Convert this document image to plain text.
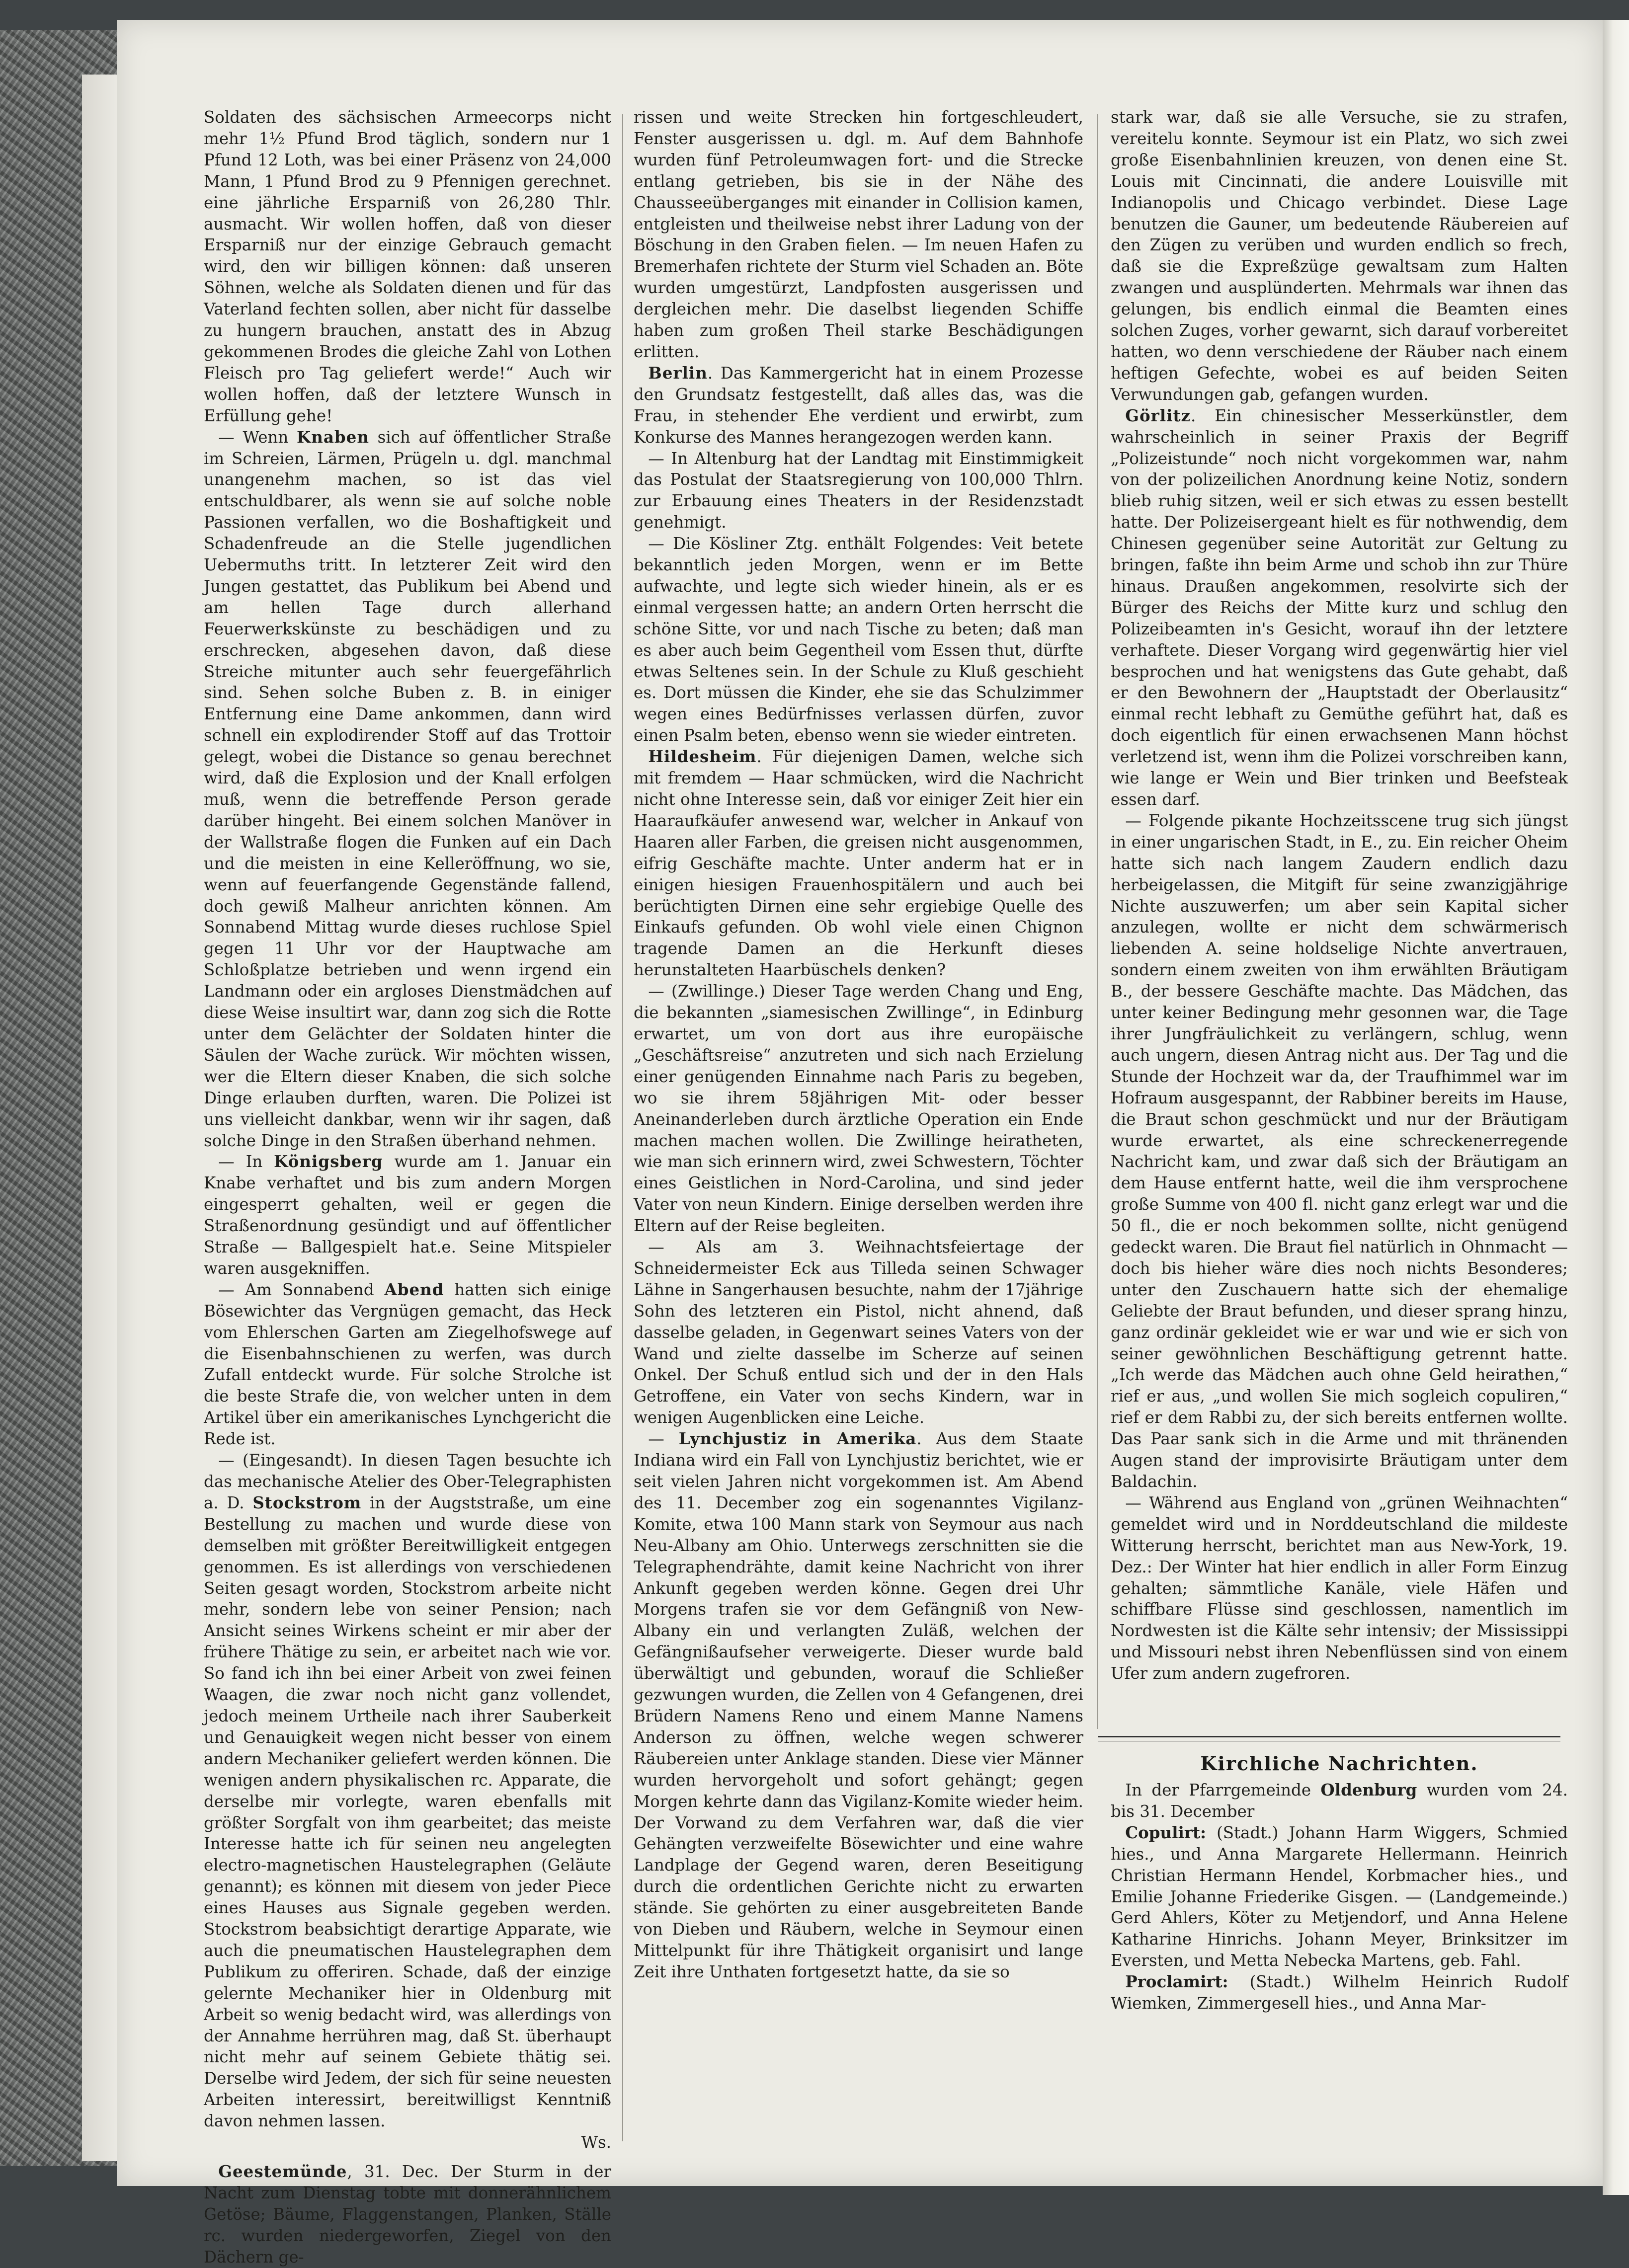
Soldaten des sächsischen Armeecorps nicht mehr 1½ Pfund Brod täglich, sondern nur 1 Pfund 12 Loth, was bei einer Präsenz von 24,000 Mann, 1 Pfund Brod zu 9 Pfennigen gerechnet. eine jährliche Ersparniß von 26,280 Thlr. ausmacht. Wir wollen hoffen, daß von dieser Ersparniß nur der einzige Gebrauch gemacht wird, den wir billigen können: daß unseren Söhnen, welche als Soldaten dienen und für das Vaterland fechten sollen, aber nicht für dasselbe zu hungern brauchen, anstatt des in Abzug gekommenen Brodes die gleiche Zahl von Lothen Fleisch pro Tag geliefert werde!“ Auch wir wollen hoffen, daß der letztere Wunsch in Erfüllung gehe!

— Wenn Knaben sich auf öffentlicher Straße im Schreien, Lärmen, Prügeln u. dgl. manchmal unangenehm machen, so ist das viel entschuldbarer, als wenn sie auf solche noble Passionen verfallen, wo die Boshaftigkeit und Schadenfreude an die Stelle jugendlichen Uebermuths tritt. In letzterer Zeit wird den Jungen gestattet, das Publikum bei Abend und am hellen Tage durch allerhand Feuerwerkskünste zu beschädigen und zu erschrecken, abgesehen davon, daß diese Streiche mitunter auch sehr feuergefährlich sind. Sehen solche Buben z. B. in einiger Entfernung eine Dame ankommen, dann wird schnell ein explodirender Stoff auf das Trottoir gelegt, wobei die Distance so genau berechnet wird, daß die Explosion und der Knall erfolgen muß, wenn die betreffende Person gerade darüber hingeht. Bei einem solchen Manöver in der Wallstraße flogen die Funken auf ein Dach und die meisten in eine Kelleröffnung, wo sie, wenn auf feuerfangende Gegenstände fallend, doch gewiß Malheur anrichten können. Am Sonnabend Mittag wurde dieses ruchlose Spiel gegen 11 Uhr vor der Hauptwache am Schloßplatze betrieben und wenn irgend ein Landmann oder ein argloses Dienstmädchen auf diese Weise insultirt war, dann zog sich die Rotte unter dem Gelächter der Soldaten hinter die Säulen der Wache zurück. Wir möchten wissen, wer die Eltern dieser Knaben, die sich solche Dinge erlauben durften, waren. Die Polizei ist uns vielleicht dankbar, wenn wir ihr sagen, daß solche Dinge in den Straßen überhand nehmen.

— In Königsberg wurde am 1. Januar ein Knabe verhaftet und bis zum andern Morgen eingesperrt gehalten, weil er gegen die Straßenordnung gesündigt und auf öffentlicher Straße — Ballgespielt hat.e. Seine Mitspieler waren ausgekniffen.

— Am Sonnabend Abend hatten sich einige Bösewichter das Vergnügen gemacht, das Heck vom Ehlerschen Garten am Ziegelhofswege auf die Eisenbahnschienen zu werfen, was durch Zufall entdeckt wurde. Für solche Strolche ist die beste Strafe die, von welcher unten in dem Artikel über ein amerikanisches Lynchgericht die Rede ist.

— (Eingesandt). In diesen Tagen besuchte ich das mechanische Atelier des Ober-Telegraphisten a. D. Stockstrom in der Augststraße, um eine Bestellung zu machen und wurde diese von demselben mit größter Bereitwilligkeit entgegen genommen. Es ist allerdings von verschiedenen Seiten gesagt worden, Stockstrom arbeite nicht mehr, sondern lebe von seiner Pension; nach Ansicht seines Wirkens scheint er mir aber der frühere Thätige zu sein, er arbeitet nach wie vor. So fand ich ihn bei einer Arbeit von zwei feinen Waagen, die zwar noch nicht ganz vollendet, jedoch meinem Urtheile nach ihrer Sauberkeit und Genauigkeit wegen nicht besser von einem andern Mechaniker geliefert werden können. Die wenigen andern physikalischen rc. Apparate, die derselbe mir vorlegte, waren ebenfalls mit größter Sorgfalt von ihm gearbeitet; das meiste Interesse hatte ich für seinen neu angelegten electro-magnetischen Haustelegraphen (Geläute genannt); es können mit diesem von jeder Piece eines Hauses aus Signale gegeben werden. Stockstrom beabsichtigt derartige Apparate, wie auch die pneumatischen Haustelegraphen dem Publikum zu offeriren. Schade, daß der einzige gelernte Mechaniker hier in Oldenburg mit Arbeit so wenig bedacht wird, was allerdings von der Annahme herrühren mag, daß St. überhaupt nicht mehr auf seinem Gebiete thätig sei. Derselbe wird Jedem, der sich für seine neuesten Arbeiten interessirt, bereitwilligst Kenntniß davon nehmen lassen.

Ws.

Geestemünde, 31. Dec. Der Sturm in der Nacht zum Dienstag tobte mit donnerähnlichem Getöse; Bäume, Flaggenstangen, Planken, Ställe rc. wurden niedergeworfen, Ziegel von den Dächern ge-

rissen und weite Strecken hin fortgeschleudert, Fenster ausgerissen u. dgl. m. Auf dem Bahnhofe wurden fünf Petroleumwagen fort- und die Strecke entlang getrieben, bis sie in der Nähe des Chausseeüberganges mit einander in Collision kamen, entgleisten und theilweise nebst ihrer Ladung von der Böschung in den Graben fielen. — Im neuen Hafen zu Bremerhafen richtete der Sturm viel Schaden an. Böte wurden umgestürzt, Landpfosten ausgerissen und dergleichen mehr. Die daselbst liegenden Schiffe haben zum großen Theil starke Beschädigungen erlitten.

Berlin. Das Kammergericht hat in einem Prozesse den Grundsatz festgestellt, daß alles das, was die Frau, in stehender Ehe verdient und erwirbt, zum Konkurse des Mannes herangezogen werden kann.

— In Altenburg hat der Landtag mit Einstimmigkeit das Postulat der Staatsregierung von 100,000 Thlrn. zur Erbauung eines Theaters in der Residenzstadt genehmigt.

— Die Kösliner Ztg. enthält Folgendes: Veit betete bekanntlich jeden Morgen, wenn er im Bette aufwachte, und legte sich wieder hinein, als er es einmal vergessen hatte; an andern Orten herrscht die schöne Sitte, vor und nach Tische zu beten; daß man es aber auch beim Gegentheil vom Essen thut, dürfte etwas Seltenes sein. In der Schule zu Kluß geschieht es. Dort müssen die Kinder, ehe sie das Schulzimmer wegen eines Bedürfnisses verlassen dürfen, zuvor einen Psalm beten, ebenso wenn sie wieder eintreten.

Hildesheim. Für diejenigen Damen, welche sich mit fremdem — Haar schmücken, wird die Nachricht nicht ohne Interesse sein, daß vor einiger Zeit hier ein Haaraufkäufer anwesend war, welcher in Ankauf von Haaren aller Farben, die greisen nicht ausgenommen, eifrig Geschäfte machte. Unter anderm hat er in einigen hiesigen Frauenhospitälern und auch bei berüchtigten Dirnen eine sehr ergiebige Quelle des Einkaufs gefunden. Ob wohl viele einen Chignon tragende Damen an die Herkunft dieses herunstalteten Haarbüschels denken?

— (Zwillinge.) Dieser Tage werden Chang und Eng, die bekannten „siamesischen Zwillinge“, in Edinburg erwartet, um von dort aus ihre europäische „Geschäftsreise“ anzutreten und sich nach Erzielung einer genügenden Einnahme nach Paris zu begeben, wo sie ihrem 58jährigen Mit- oder besser Aneinanderleben durch ärztliche Operation ein Ende machen machen wollen. Die Zwillinge heiratheten, wie man sich erinnern wird, zwei Schwestern, Töchter eines Geistlichen in Nord-Carolina, und sind jeder Vater von neun Kindern. Einige derselben werden ihre Eltern auf der Reise begleiten.

— Als am 3. Weihnachtsfeiertage der Schneidermeister Eck aus Tilleda seinen Schwager Lähne in Sangerhausen besuchte, nahm der 17jährige Sohn des letzteren ein Pistol, nicht ahnend, daß dasselbe geladen, in Gegenwart seines Vaters von der Wand und zielte dasselbe im Scherze auf seinen Onkel. Der Schuß entlud sich und der in den Hals Getroffene, ein Vater von sechs Kindern, war in wenigen Augenblicken eine Leiche.

— Lynchjustiz in Amerika. Aus dem Staate Indiana wird ein Fall von Lynchjustiz berichtet, wie er seit vielen Jahren nicht vorgekommen ist. Am Abend des 11. December zog ein sogenanntes Vigilanz-Komite, etwa 100 Mann stark von Seymour aus nach Neu-Albany am Ohio. Unterwegs zerschnitten sie die Telegraphendrähte, damit keine Nachricht von ihrer Ankunft gegeben werden könne. Gegen drei Uhr Morgens trafen sie vor dem Gefängniß von New-Albany ein und verlangten Zuläß, welchen der Gefängnißaufseher verweigerte. Dieser wurde bald überwältigt und gebunden, worauf die Schließer gezwungen wurden, die Zellen von 4 Gefangenen, drei Brüdern Namens Reno und einem Manne Namens Anderson zu öffnen, welche wegen schwerer Räubereien unter Anklage standen. Diese vier Männer wurden hervorgeholt und sofort gehängt; gegen Morgen kehrte dann das Vigilanz-Komite wieder heim. Der Vorwand zu dem Verfahren war, daß die vier Gehängten verzweifelte Bösewichter und eine wahre Landplage der Gegend waren, deren Beseitigung durch die ordentlichen Gerichte nicht zu erwarten stände. Sie gehörten zu einer ausgebreiteten Bande von Dieben und Räubern, welche in Seymour einen Mittelpunkt für ihre Thätigkeit organisirt und lange Zeit ihre Unthaten fortgesetzt hatte, da sie so

stark war, daß sie alle Versuche, sie zu strafen, vereitelu konnte. Seymour ist ein Platz, wo sich zwei große Eisenbahnlinien kreuzen, von denen eine St. Louis mit Cincinnati, die andere Louisville mit Indianopolis und Chicago verbindet. Diese Lage benutzen die Gauner, um bedeutende Räubereien auf den Zügen zu verüben und wurden endlich so frech, daß sie die Expreßzüge gewaltsam zum Halten zwangen und ausplünderten. Mehrmals war ihnen das gelungen, bis endlich einmal die Beamten eines solchen Zuges, vorher gewarnt, sich darauf vorbereitet hatten, wo denn verschiedene der Räuber nach einem heftigen Gefechte, wobei es auf beiden Seiten Verwundungen gab, gefangen wurden.

Görlitz. Ein chinesischer Messerkünstler, dem wahrscheinlich in seiner Praxis der Begriff „Polizeistunde“ noch nicht vorgekommen war, nahm von der polizeilichen Anordnung keine Notiz, sondern blieb ruhig sitzen, weil er sich etwas zu essen bestellt hatte. Der Polizeisergeant hielt es für nothwendig, dem Chinesen gegenüber seine Autorität zur Geltung zu bringen, faßte ihn beim Arme und schob ihn zur Thüre hinaus. Draußen angekommen, resolvirte sich der Bürger des Reichs der Mitte kurz und schlug den Polizeibeamten in's Gesicht, worauf ihn der letztere verhaftete. Dieser Vorgang wird gegenwärtig hier viel besprochen und hat wenigstens das Gute gehabt, daß er den Bewohnern der „Hauptstadt der Oberlausitz“ einmal recht lebhaft zu Gemüthe geführt hat, daß es doch eigentlich für einen erwachsenen Mann höchst verletzend ist, wenn ihm die Polizei vorschreiben kann, wie lange er Wein und Bier trinken und Beefsteak essen darf.

— Folgende pikante Hochzeitsscene trug sich jüngst in einer ungarischen Stadt, in E., zu. Ein reicher Oheim hatte sich nach langem Zaudern endlich dazu herbeigelassen, die Mitgift für seine zwanzigjährige Nichte auszuwerfen; um aber sein Kapital sicher anzulegen, wollte er nicht dem schwärmerisch liebenden A. seine holdselige Nichte anvertrauen, sondern einem zweiten von ihm erwählten Bräutigam B., der bessere Geschäfte machte. Das Mädchen, das unter keiner Bedingung mehr gesonnen war, die Tage ihrer Jungfräulichkeit zu verlängern, schlug, wenn auch ungern, diesen Antrag nicht aus. Der Tag und die Stunde der Hochzeit war da, der Traufhimmel war im Hofraum ausgespannt, der Rabbiner bereits im Hause, die Braut schon geschmückt und nur der Bräutigam wurde erwartet, als eine schreckenerregende Nachricht kam, und zwar daß sich der Bräutigam an dem Hause entfernt hatte, weil die ihm versprochene große Summe von 400 fl. nicht ganz erlegt war und die 50 fl., die er noch bekommen sollte, nicht genügend gedeckt waren. Die Braut fiel natürlich in Ohnmacht — doch bis hieher wäre dies noch nichts Besonderes; unter den Zuschauern hatte sich der ehemalige Geliebte der Braut befunden, und dieser sprang hinzu, ganz ordinär gekleidet wie er war und wie er sich von seiner gewöhnlichen Beschäftigung getrennt hatte. „Ich werde das Mädchen auch ohne Geld heirathen,“ rief er aus, „und wollen Sie mich sogleich copuliren,“ rief er dem Rabbi zu, der sich bereits entfernen wollte. Das Paar sank sich in die Arme und mit thränenden Augen stand der improvisirte Bräutigam unter dem Baldachin.

— Während aus England von „grünen Weihnachten“ gemeldet wird und in Norddeutschland die mildeste Witterung herrscht, berichtet man aus New-York, 19. Dez.: Der Winter hat hier endlich in aller Form Einzug gehalten; sämmtliche Kanäle, viele Häfen und schiffbare Flüsse sind geschlossen, namentlich im Nordwesten ist die Kälte sehr intensiv; der Mississippi und Missouri nebst ihren Nebenflüssen sind von einem Ufer zum andern zugefroren.

Kirchliche Nachrichten.

In der Pfarrgemeinde Oldenburg wurden vom 24. bis 31. December

Copulirt: (Stadt.) Johann Harm Wiggers, Schmied hies., und Anna Margarete Hellermann. Heinrich Christian Hermann Hendel, Korbmacher hies., und Emilie Johanne Friederike Gisgen. — (Landgemeinde.) Gerd Ahlers, Köter zu Metjendorf, und Anna Helene Katharine Hinrichs. Johann Meyer, Brinksitzer im Eversten, und Metta Nebecka Martens, geb. Fahl.

Proclamirt: (Stadt.) Wilhelm Heinrich Rudolf Wiemken, Zimmergesell hies., und Anna Mar-
